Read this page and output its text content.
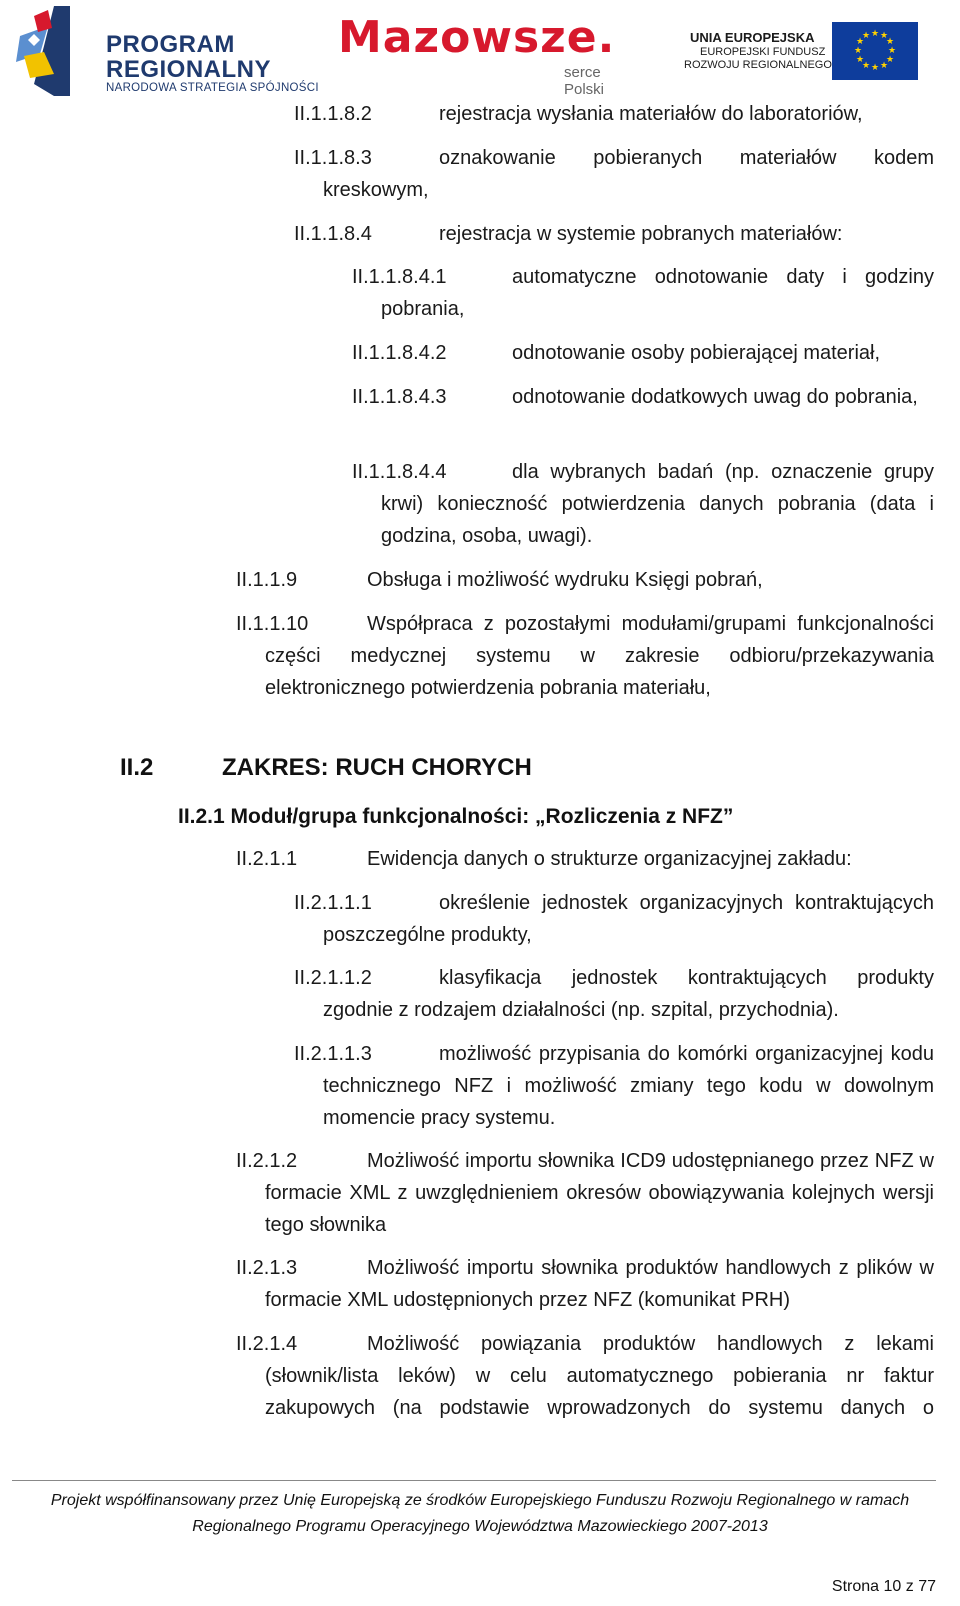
PROGRAM
REGIONALNY
NARODOWA STRATEGIA SPÓJNOŚCI
Mazowsze.
serce Polski
UNIA EUROPEJSKA
EUROPEJSKI FUNDUSZ
ROZWOJU REGIONALNEGO
★ ★
★
★
★
★
★
★
★
★
★
★
II.1.1.8.2	rejestracja wysłania materiałów do laboratoriów,
II.1.1.8.3	oznakowanie pobieranych materiałów kodem kreskowym,
II.1.1.8.4	rejestracja w systemie pobranych materiałów:
II.1.1.8.4.1	automatyczne odnotowanie daty i godziny pobrania,
II.1.1.8.4.2	odnotowanie osoby pobierającej materiał,
II.1.1.8.4.3	odnotowanie dodatkowych uwag do pobrania,
II.1.1.8.4.4	dla wybranych badań (np. oznaczenie grupy krwi) konieczność potwierdzenia danych pobrania (data i godzina, osoba, uwagi).
II.1.1.9	Obsługa i możliwość wydruku Księgi pobrań,
II.1.1.10	Współpraca z pozostałymi modułami/grupami funkcjonalności części medycznej systemu w zakresie odbioru/przekazywania elektronicznego potwierdzenia pobrania materiału,
II.2	ZAKRES: RUCH CHORYCH
II.2.1 Moduł/grupa funkcjonalności: „Rozliczenia z NFZ”
II.2.1.1	Ewidencja danych o strukturze organizacyjnej zakładu:
II.2.1.1.1	określenie jednostek organizacyjnych kontraktujących poszczególne produkty,
II.2.1.1.2	klasyfikacja jednostek kontraktujących produkty zgodnie z rodzajem działalności (np. szpital, przychodnia).
II.2.1.1.3	możliwość przypisania do komórki organizacyjnej kodu technicznego NFZ i możliwość zmiany tego kodu w dowolnym momencie pracy systemu.
II.2.1.2	Możliwość importu słownika ICD9 udostępnianego przez NFZ w formacie XML z uwzględnieniem okresów obowiązywania kolejnych wersji tego słownika
II.2.1.3	Możliwość importu słownika produktów handlowych z plików w formacie XML udostępnionych przez NFZ (komunikat PRH)
II.2.1.4	Możliwość powiązania produktów handlowych z lekami (słownik/lista leków) w celu automatycznego pobierania nr faktur zakupowych (na podstawie wprowadzonych do systemu danych o
Projekt współfinansowany przez Unię Europejską ze środków Europejskiego Funduszu Rozwoju Regionalnego w ramach
Regionalnego Programu Operacyjnego Województwa Mazowieckiego 2007-2013
Strona 10 z 77
